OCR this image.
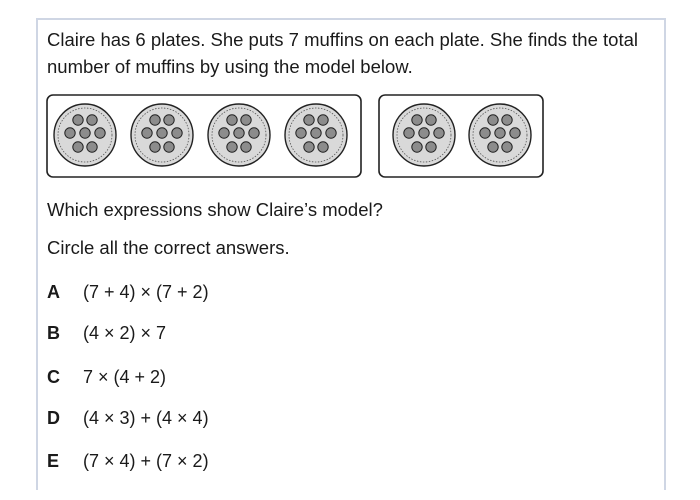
Claire has 6 plates. She puts 7 muffins on each plate. She finds the total number of muffins by using the model below.

Which expressions show Claire’s model?

Circle all the correct answers.

A	(7 + 4) × (7 + 2)
B	(4 × 2) × 7
C	7 × (4 + 2)
D	(4 × 3) + (4 × 4)
E	(7 × 4) + (7 × 2)
